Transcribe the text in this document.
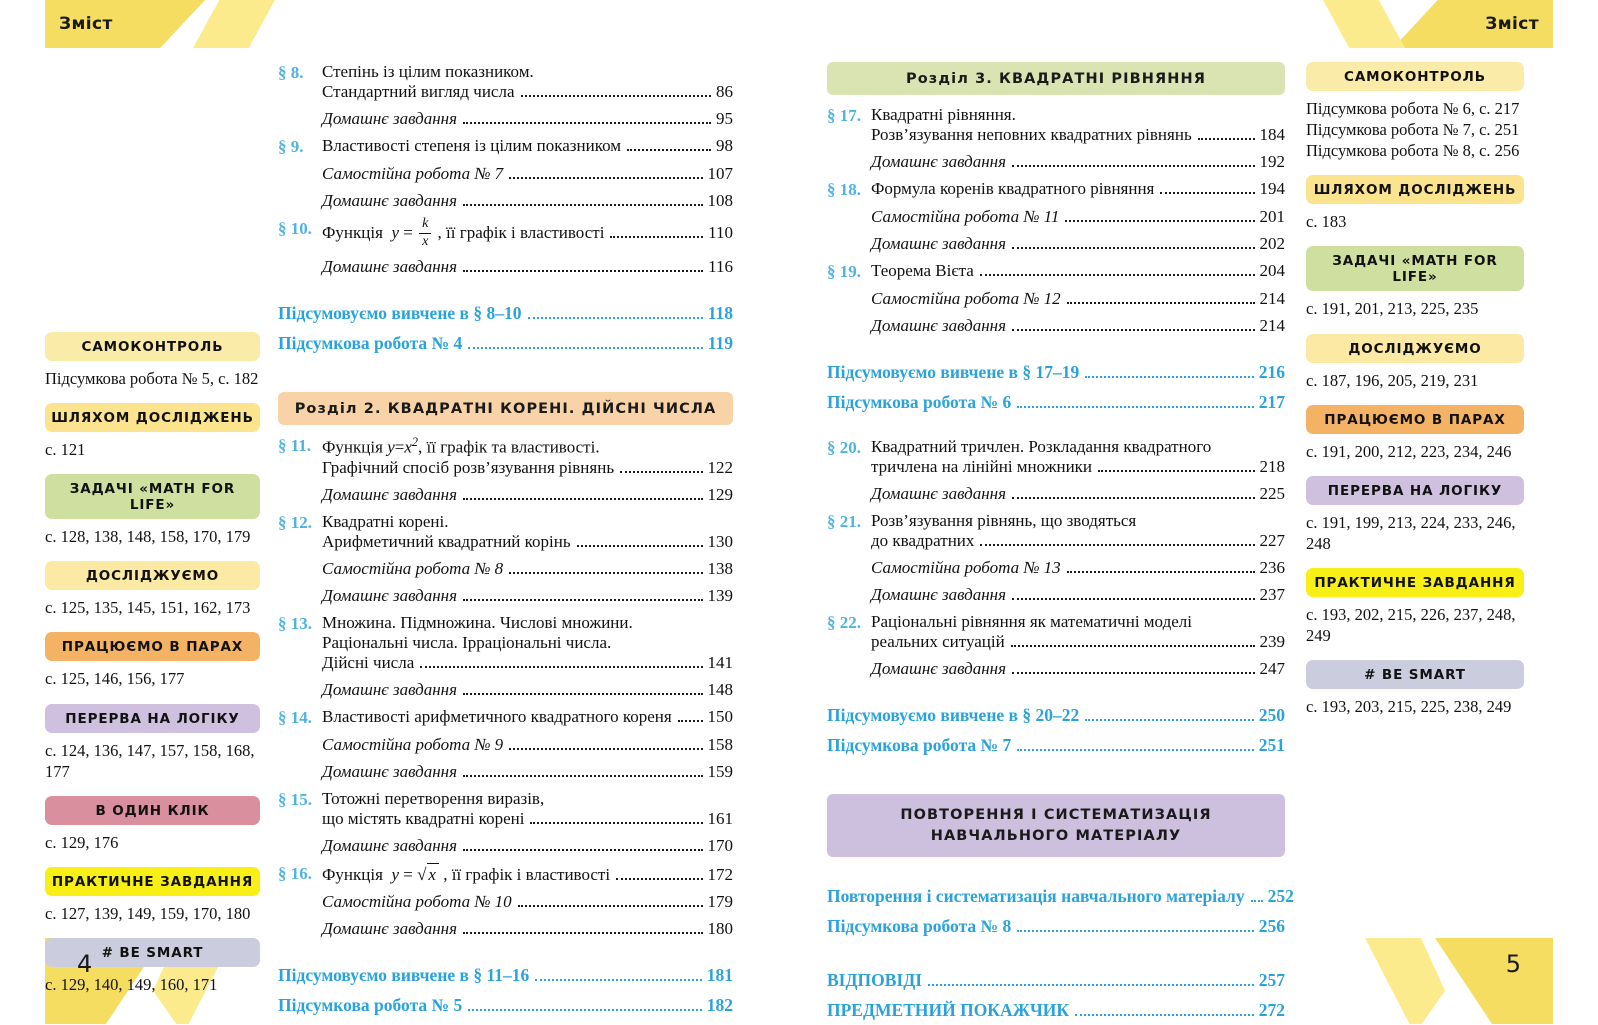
Зміст	Зміст
4	5
САМОКОНТРОЛЬ
Підсумкова робота № 5, с. 182
ШЛЯХОМ ДОСЛІДЖЕНЬ
с. 121
ЗАДАЧІ «MATH FOR LIFE»
с. 128, 138, 148, 158, 170, 179
ДОСЛІДЖУЄМО
с. 125, 135, 145, 151, 162, 173
ПРАЦЮЄМО В ПАРАХ
с. 125, 146, 156, 177
ПЕРЕРВА НА ЛОГІКУ
с. 124, 136, 147, 157, 158, 168, 177
В ОДИН КЛІК
с. 129, 176
ПРАКТИЧНЕ ЗАВДАННЯ
с. 127, 139, 149, 159, 170, 180
# BE SMART
с. 129, 140, 149, 160, 171
§ 8.	Степінь із цілим показником.
Стандартний вигляд числа	86
Домашнє завдання	95
§ 9.	Властивості степеня із цілим показником	98
Самостійна робота № 7	107
Домашнє завдання	108
§ 10. Функція  $y = \frac{k}{x}$ , її графік і властивості	110
Домашнє завдання	116
Підсумовуємо вивчене в § 8–10	118
Підсумкова робота № 4	119
Розділ 2. КВАДРАТНІ КОРЕНІ. ДІЙСНІ ЧИСЛА
§ 11. Функція $y=x^2$, її графік та властивості.
Графічний спосіб розв’язування рівнянь	122
Домашнє завдання	129
§ 12. Квадратні корені.
Арифметичний квадратний корінь	130
Самостійна робота № 8	138
Домашнє завдання	139
§ 13. Множина. Підмножина. Числові множини.
Раціональні числа. Ірраціональні числа.
Дійсні числа	141
Домашнє завдання	148
§ 14. Властивості арифметичного квадратного кореня 150
Самостійна робота № 9	158
Домашнє завдання	159
§ 15. Тотожні перетворення виразів,
що містять квадратні корені	161
Домашнє завдання	170
§ 16. Функція  y = √ x , її графік і властивості	172
Самостійна робота № 10	179
Домашнє завдання	180
Підсумовуємо вивчене в § 11–16	181
Підсумкова робота № 5	182
Розділ 3. КВАДРАТНІ РІВНЯННЯ
§ 17. Квадратні рівняння.
Розв’язування неповних квадратних рівнянь	184
Домашнє завдання	192
§ 18. Формула коренів квадратного рівняння	194
Самостійна робота № 11	201
Домашнє завдання	202
§ 19. Теорема Вієта	204
Самостійна робота № 12	214
Домашнє завдання	214
Підсумовуємо вивчене в § 17–19	216
Підсумкова робота № 6	217
§ 20. Квадратний тричлен. Розкладання квадратного
тричлена на лінійні множники	218
Домашнє завдання	225
§ 21. Розв’язування рівнянь, що зводяться
до квадратних	227
Самостійна робота № 13	236
Домашнє завдання	237
§ 22. Раціональні рівняння як математичні моделі
реальних ситуацій	239
Домашнє завдання	247
Підсумовуємо вивчене в § 20–22	250
Підсумкова робота № 7	251
ПОВТОРЕННЯ І СИСТЕМАТИЗАЦІЯ
НАВЧАЛЬНОГО МАТЕРІАЛУ
Повторення і систематизація навчального матеріалу 252
Підсумкова робота № 8	256
ВІДПОВІДІ	257
ПРЕДМЕТНИЙ ПОКАЖЧИК	272
САМОКОНТРОЛЬ
Підсумкова робота № 6, с. 217
Підсумкова робота № 7, с. 251
Підсумкова робота № 8, с. 256
ШЛЯХОМ ДОСЛІДЖЕНЬ
с. 183
ЗАДАЧІ «MATH FOR LIFE»
с. 191, 201, 213, 225, 235
ДОСЛІДЖУЄМО
с. 187, 196, 205, 219, 231
ПРАЦЮЄМО В ПАРАХ
с. 191, 200, 212, 223, 234, 246
ПЕРЕРВА НА ЛОГІКУ
с. 191, 199, 213, 224, 233, 246, 248
ПРАКТИЧНЕ ЗАВДАННЯ
с. 193, 202, 215, 226, 237, 248, 249
# BE SMART
с. 193, 203, 215, 225, 238, 249
